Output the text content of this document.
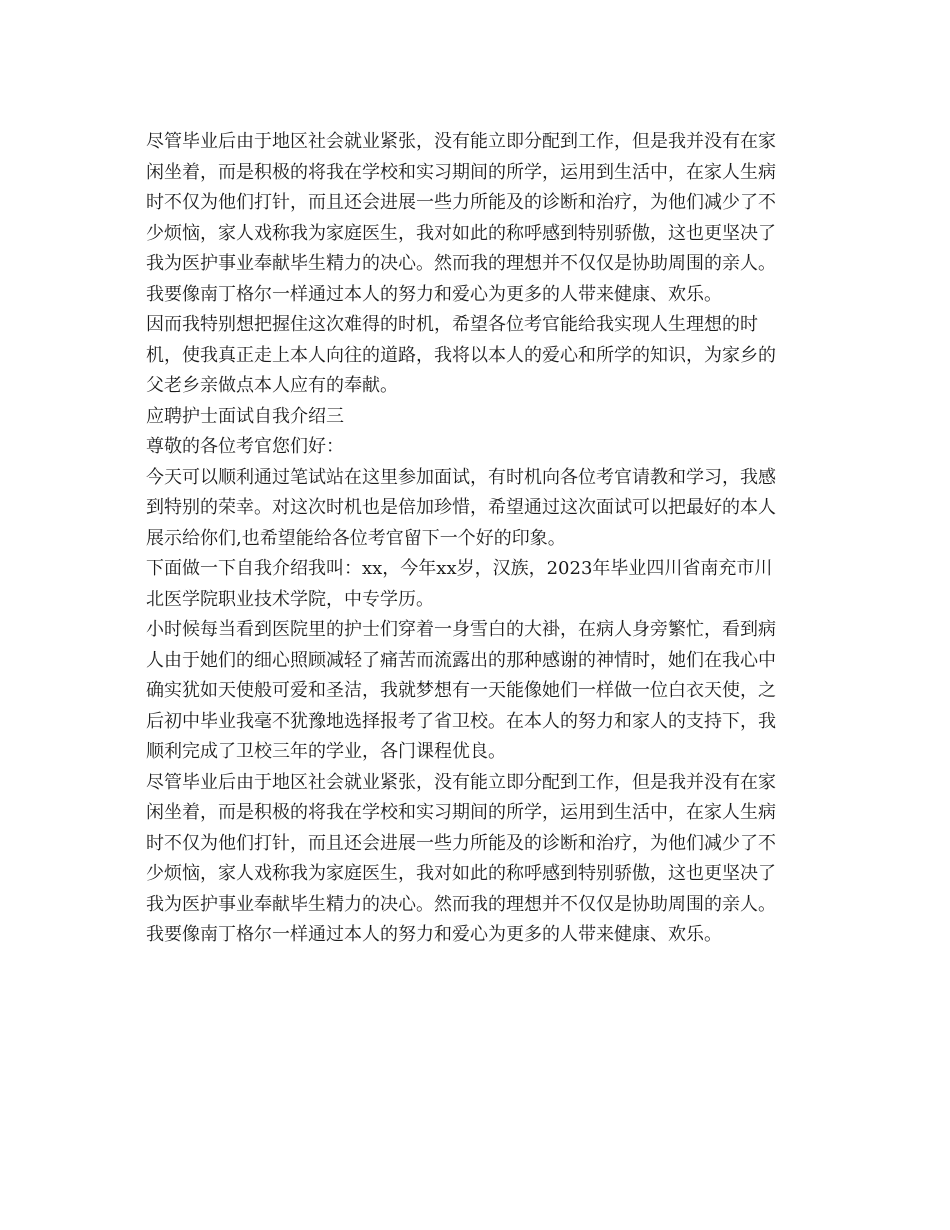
尽管毕业后由于地区社会就业紧张，没有能立即分配到工作，但是我并没有在家
闲坐着，而是积极的将我在学校和实习期间的所学，运用到生活中，在家人生病
时不仅为他们打针，而且还会进展一些力所能及的诊断和治疗，为他们减少了不
少烦恼，家人戏称我为家庭医生，我对如此的称呼感到特别骄傲，这也更坚决了
我为医护事业奉献毕生精力的决心。然而我的理想并不仅仅是协助周围的亲人。
我要像南丁格尔一样通过本人的努力和爱心为更多的人带来健康、欢乐。
因而我特别想把握住这次难得的时机，希望各位考官能给我实现人生理想的时
机，使我真正走上本人向往的道路，我将以本人的爱心和所学的知识，为家乡的
父老乡亲做点本人应有的奉献。
应聘护士面试自我介绍三
尊敬的各位考官您们好：
今天可以顺利通过笔试站在这里参加面试，有时机向各位考官请教和学习，我感
到特别的荣幸。对这次时机也是倍加珍惜，希望通过这次面试可以把最好的本人
展示给你们,也希望能给各位考官留下一个好的印象。
下面做一下自我介绍我叫：xx，今年xx岁，汉族，2023年毕业四川省南充市川
北医学院职业技术学院，中专学历。
小时候每当看到医院里的护士们穿着一身雪白的大褂，在病人身旁繁忙，看到病
人由于她们的细心照顾减轻了痛苦而流露出的那种感谢的神情时，她们在我心中
确实犹如天使般可爱和圣洁，我就梦想有一天能像她们一样做一位白衣天使，之
后初中毕业我毫不犹豫地选择报考了省卫校。在本人的努力和家人的支持下，我
顺利完成了卫校三年的学业，各门课程优良。
尽管毕业后由于地区社会就业紧张，没有能立即分配到工作，但是我并没有在家
闲坐着，而是积极的将我在学校和实习期间的所学，运用到生活中，在家人生病
时不仅为他们打针，而且还会进展一些力所能及的诊断和治疗，为他们减少了不
少烦恼，家人戏称我为家庭医生，我对如此的称呼感到特别骄傲，这也更坚决了
我为医护事业奉献毕生精力的决心。然而我的理想并不仅仅是协助周围的亲人。
我要像南丁格尔一样通过本人的努力和爱心为更多的人带来健康、欢乐。
